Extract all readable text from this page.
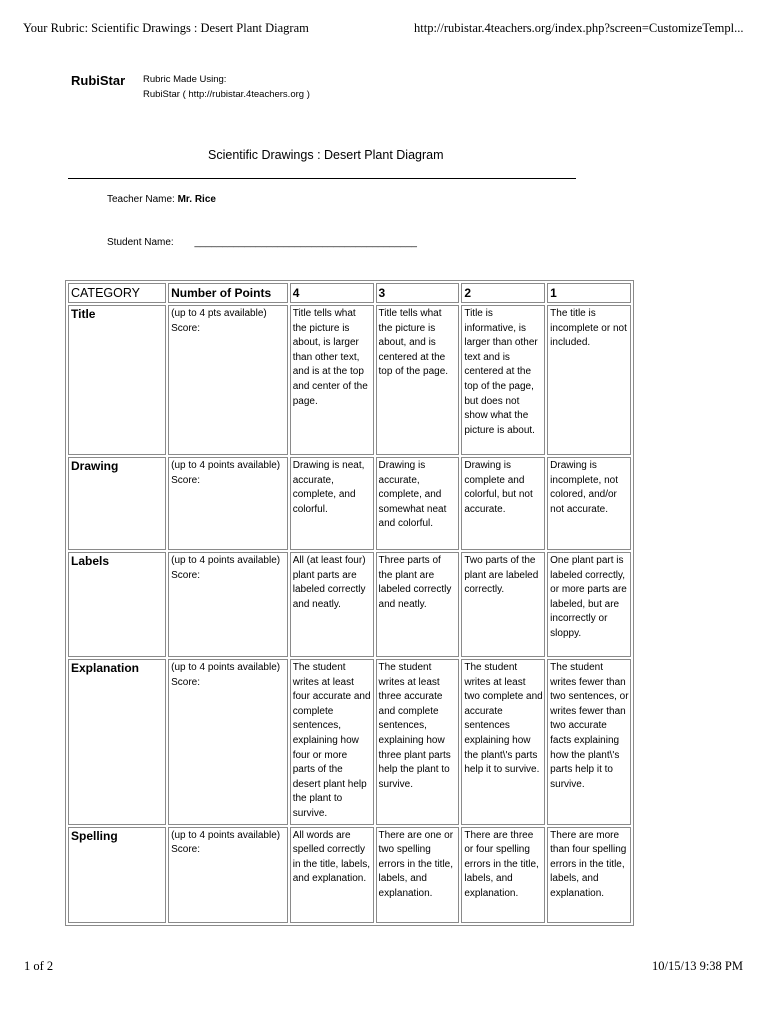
Your Rubric: Scientific Drawings : Desert Plant Diagram	http://rubistar.4teachers.org/index.php?screen=CustomizeTempl...
RubiStar Rubric Made Using:
RubiStar ( http://rubistar.4teachers.org )
Scientific Drawings : Desert Plant Diagram
Teacher Name: Mr. Rice
Student Name: ________________________________________
CATEGORY	Number of Points	4	3	2	1
Title	(up to 4 pts available) Score:	Title tells what the picture is about, is larger than other text, and is at the top and center of the page.	Title tells what the picture is about, and is centered at the top of the page.	Title is informative, is larger than other text and is centered at the top of the page, but does not show what the picture is about.	The title is incomplete or not included.
Drawing	(up to 4 points available) Score:	Drawing is neat, accurate, complete, and colorful.	Drawing is accurate, complete, and somewhat neat and colorful.	Drawing is complete and colorful, but not accurate.	Drawing is incomplete, not colored, and/or not accurate.
Labels	(up to 4 points available) Score:	All (at least four) plant parts are labeled correctly and neatly.	Three parts of the plant are labeled correctly and neatly.	Two parts of the plant are labeled correctly.	One plant part is labeled correctly, or more parts are labeled, but are incorrectly or sloppy.
Explanation	(up to 4 points available) Score:	The student writes at least four accurate and complete sentences, explaining how four or more parts of the desert plant help the plant to survive.	The student writes at least three accurate and complete sentences, explaining how three plant parts help the plant to survive.	The student writes at least two complete and accurate sentences explaining how the plant\'s parts help it to survive.	The student writes fewer than two sentences, or writes fewer than two accurate facts explaining how the plant\'s parts help it to survive.
Spelling	(up to 4 points available) Score:	All words are spelled correctly in the title, labels, and explanation.	There are one or two spelling errors in the title, labels, and explanation.	There are three or four spelling errors in the title, labels, and explanation.	There are more than four spelling errors in the title, labels, and explanation.
1 of 2	10/15/13 9:38 PM
